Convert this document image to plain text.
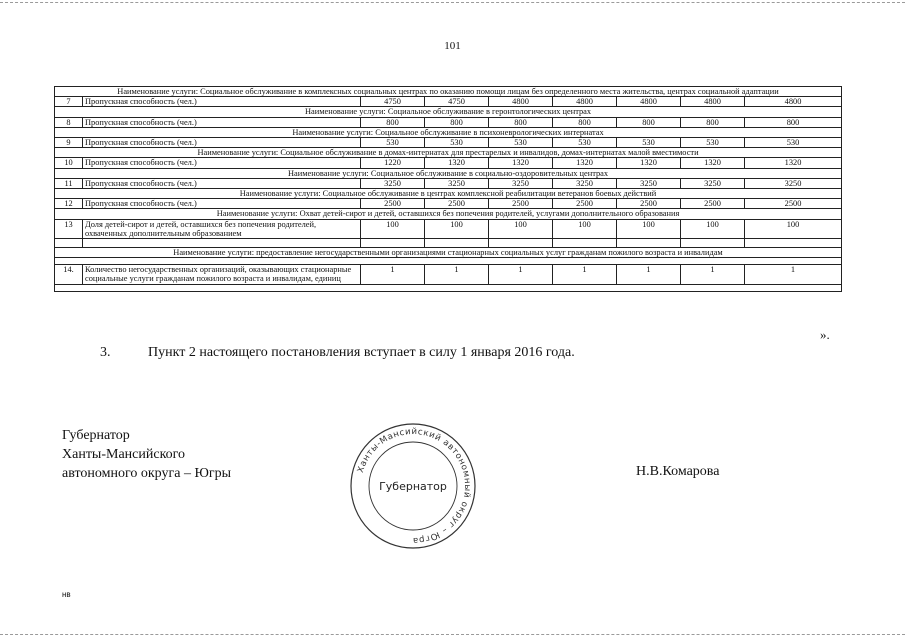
101
Наименование услуги: Социальное обслуживание в комплексных социальных центрах по оказанию помощи лицам без определенного места жительства, центрах социальной адаптации								
7	Пропускная способность (чел.)	4750	4750	4800	4800	4800	4800	4800
Наименование услуги: Социальное обслуживание в геронтологических центрах								
8	Пропускная способность (чел.)	800	800	800	800	800	800	800
Наименование услуги: Социальное обслуживание в психоневрологических интернатах								
9	Пропускная способность (чел.)	530	530	530	530	530	530	530
Наименование услуги: Социальное обслуживание в домах-интернатах для престарелых и инвалидов, домах-интернатах малой вместимости								
10	Пропускная способность (чел.)	1220	1320	1320	1320	1320	1320	1320
Наименование услуги: Социальное обслуживание в социально-оздоровительных центрах								
11	Пропускная способность (чел.)	3250	3250	3250	3250	3250	3250	3250
Наименование услуги: Социальное обслуживание в центрах комплексной реабилитации ветеранов боевых действий								
12	Пропускная способность (чел.)	2500	2500	2500	2500	2500	2500	2500
Наименование услуги: Охват детей-сирот и детей, оставшихся без попечения родителей, услугами дополнительного образования								
13	Доля детей-сирот и детей, оставшихся без попечения родителей, охваченных дополнительным образованием	100	100	100	100	100	100	100

Наименование услуги: предоставление негосударственными организациями стационарных социальных услуг гражданам пожилого возраста и инвалидам								

14.	Количество негосударственных организаций, оказывающих стационарные социальные услуги гражданам пожилого возраста и инвалидам, единиц	1	1	1	1	1	1	1

».
3.	Пункт 2 настоящего постановления вступает в силу 1 января 2016 года.
Губернатор
Ханты-Мансийского
автономного округа – Югры	Ханты-Мансийский автономный округ – Югра
Губернатор
Н.В.Комарова
нв
